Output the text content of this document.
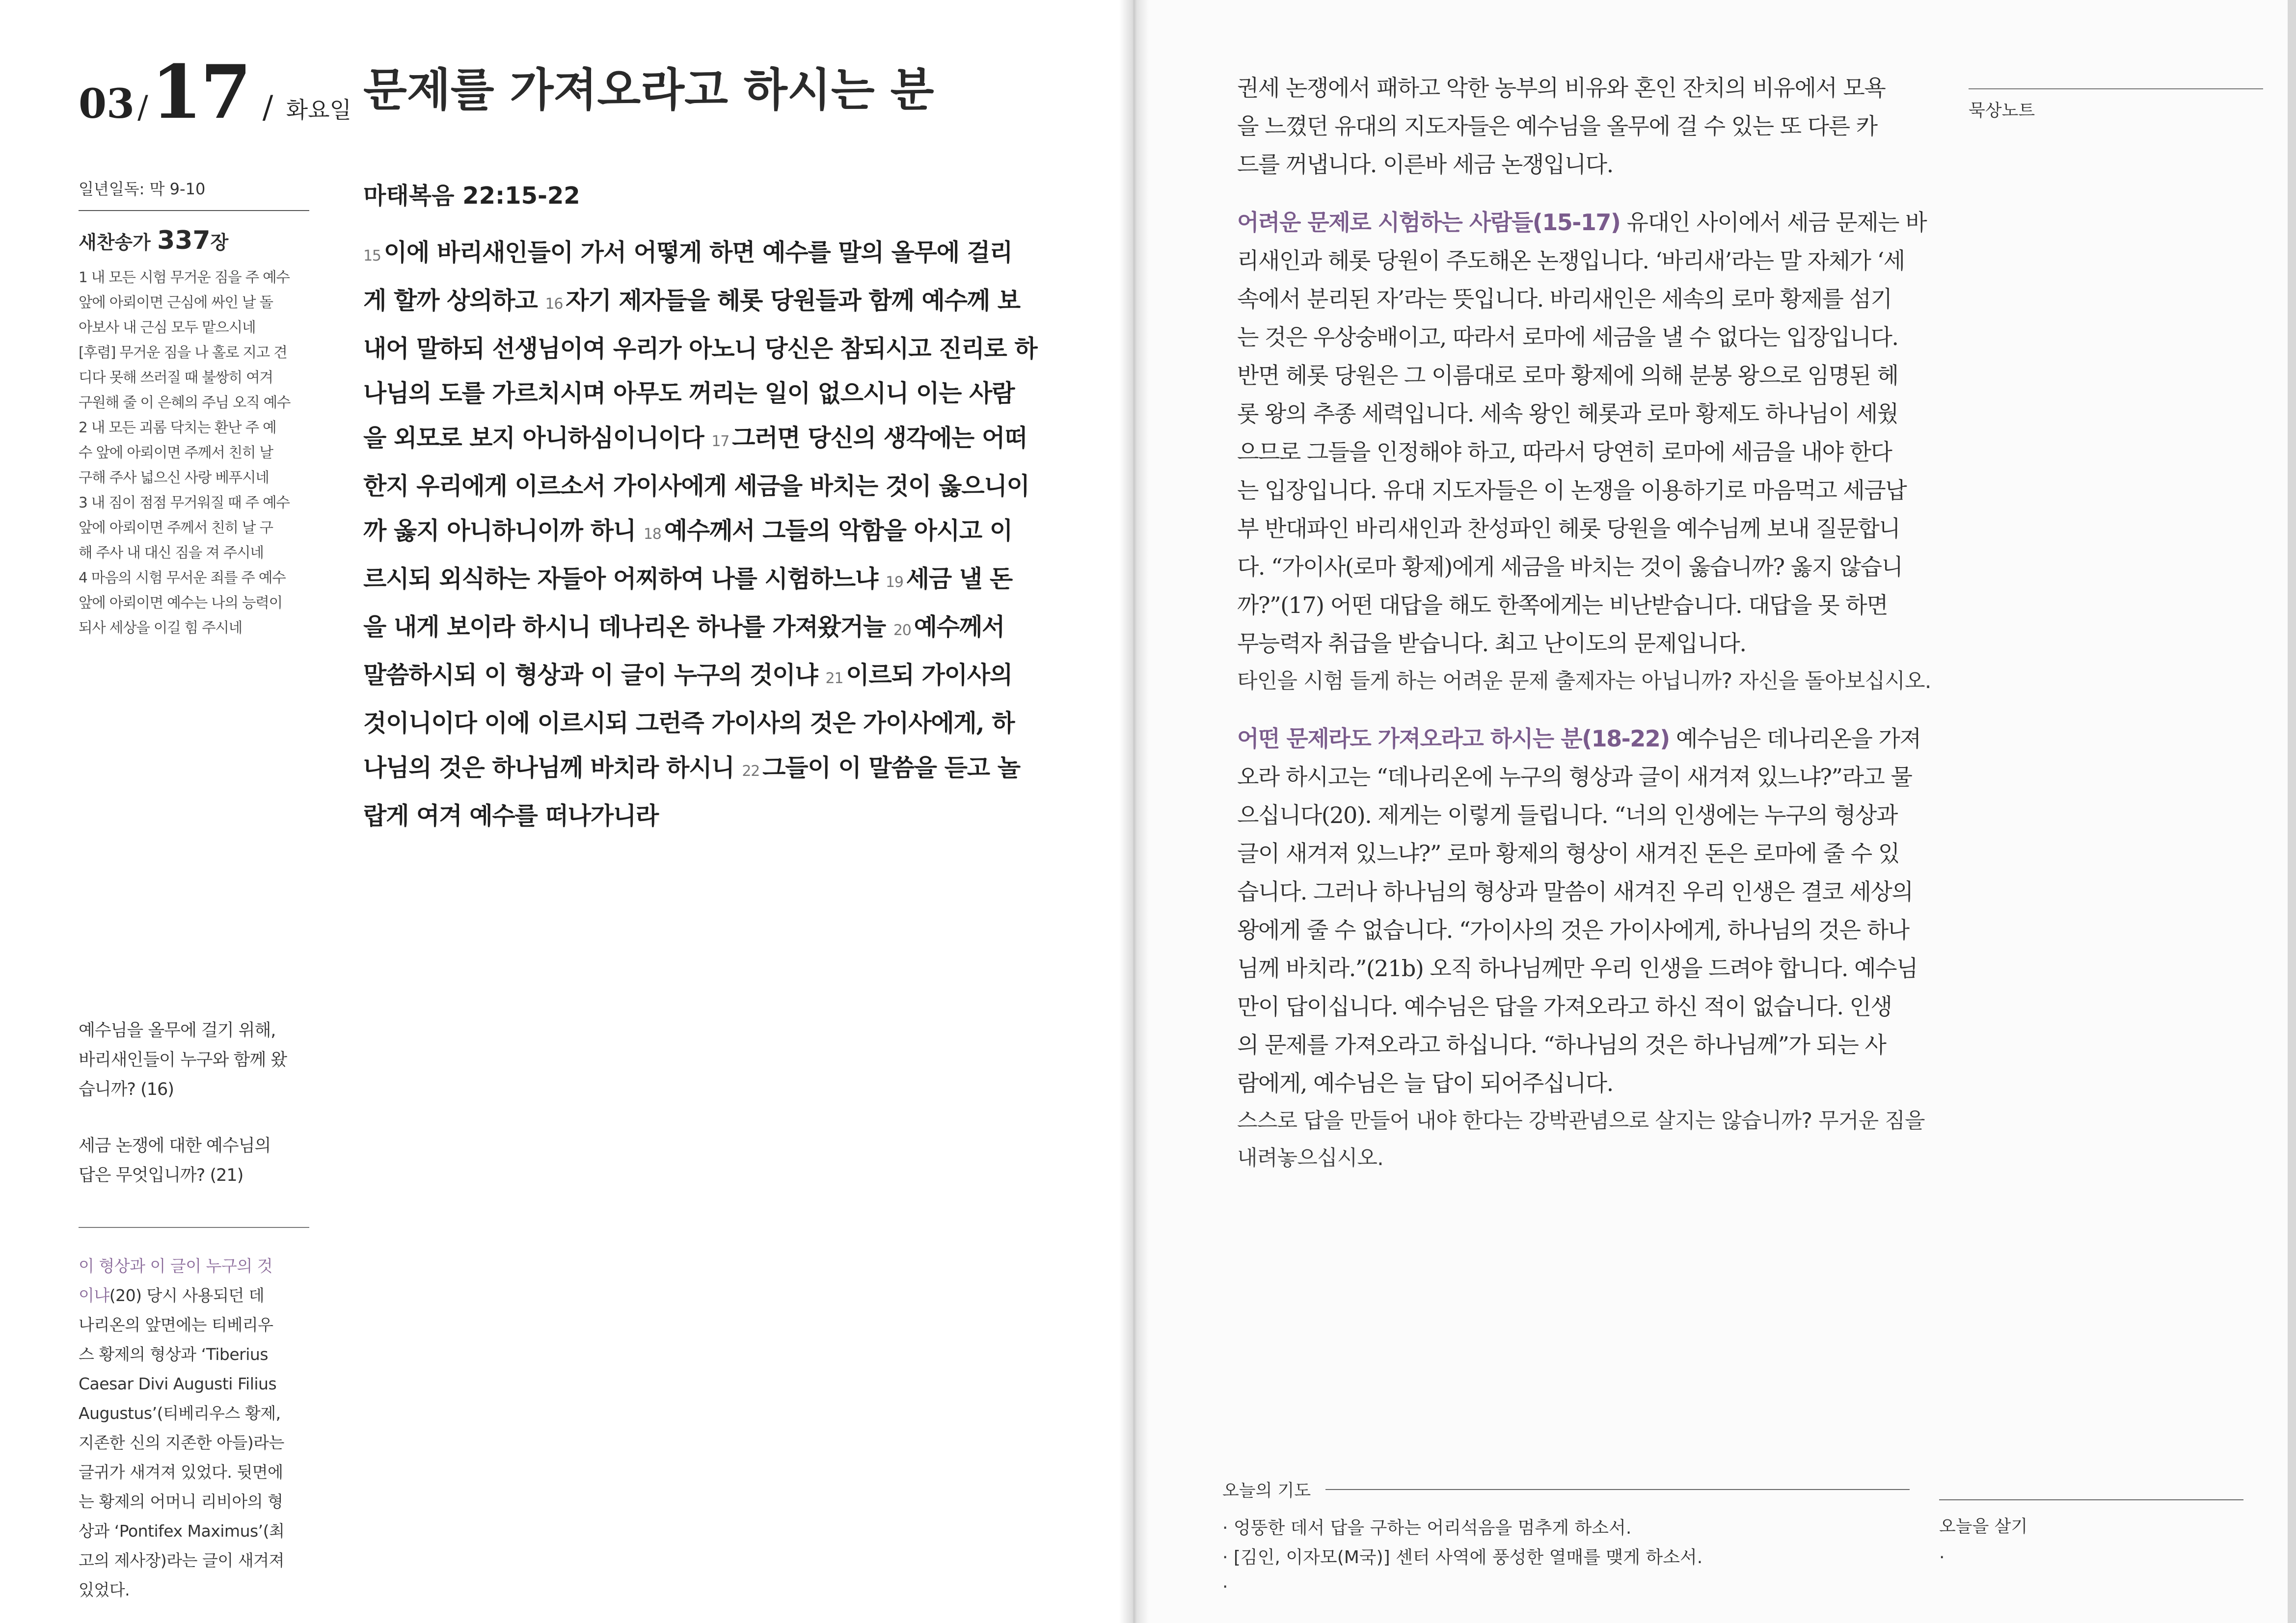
03/17 / 화요일 문제를 가져오라고 하시는 분
일년일독: 막 9-10
새찬송가 337장
1 내 모든 시험 무거운 짐을 주 예수
앞에 아뢰이면 근심에 싸인 날 돌
아보사 내 근심 모두 맡으시네
[후렴] 무거운 짐을 나 홀로 지고 견
디다 못해 쓰러질 때 불쌍히 여겨
구원해 줄 이 은혜의 주님 오직 예수
2 내 모든 괴롬 닥치는 환난 주 예
수 앞에 아뢰이면 주께서 친히 날
구해 주사 넓으신 사랑 베푸시네
3 내 짐이 점점 무거워질 때 주 예수
앞에 아뢰이면 주께서 친히 날 구
해 주사 내 대신 짐을 져 주시네
4 마음의 시험 무서운 죄를 주 예수
앞에 아뢰이면 예수는 나의 능력이
되사 세상을 이길 힘 주시네
예수님을 올무에 걸기 위해,
바리새인들이 누구와 함께 왔
습니까? (16)
세금 논쟁에 대한 예수님의
답은 무엇입니까? (21)
이 형상과 이 글이 누구의 것
이냐(20) 당시 사용되던 데
나리온의 앞면에는 티베리우
스 황제의 형상과 ‘Tiberius
Caesar Divi Augusti Filius
Augustus’(티베리우스 황제,
지존한 신의 지존한 아들)라는
글귀가 새겨져 있었다. 뒷면에
는 황제의 어머니 리비아의 형
상과 ‘Pontifex Maximus’(최
고의 제사장)라는 글이 새겨져
있었다.
마태복음 22:15-22
15 이에 바리새인들이 가서 어떻게 하면 예수를 말의 올무에 걸리
게 할까 상의하고 16 자기 제자들을 헤롯 당원들과 함께 예수께 보
내어 말하되 선생님이여 우리가 아노니 당신은 참되시고 진리로 하
나님의 도를 가르치시며 아무도 꺼리는 일이 없으시니 이는 사람
을 외모로 보지 아니하심이니이다 17 그러면 당신의 생각에는 어떠
한지 우리에게 이르소서 가이사에게 세금을 바치는 것이 옳으니이
까 옳지 아니하니이까 하니 18 예수께서 그들의 악함을 아시고 이
르시되 외식하는 자들아 어찌하여 나를 시험하느냐 19 세금 낼 돈
을 내게 보이라 하시니 데나리온 하나를 가져왔거늘 20 예수께서
말씀하시되 이 형상과 이 글이 누구의 것이냐 21 이르되 가이사의
것이니이다 이에 이르시되 그런즉 가이사의 것은 가이사에게, 하
나님의 것은 하나님께 바치라 하시니 22 그들이 이 말씀을 듣고 놀
랍게 여겨 예수를 떠나가니라
권세 논쟁에서 패하고 악한 농부의 비유와 혼인 잔치의 비유에서 모욕
을 느꼈던 유대의 지도자들은 예수님을 올무에 걸 수 있는 또 다른 카
드를 꺼냅니다. 이른바 세금 논쟁입니다.
어려운 문제로 시험하는 사람들(15-17) 유대인 사이에서 세금 문제는 바
리새인과 헤롯 당원이 주도해온 논쟁입니다. ‘바리새’라는 말 자체가 ‘세
속에서 분리된 자’라는 뜻입니다. 바리새인은 세속의 로마 황제를 섬기
는 것은 우상숭배이고, 따라서 로마에 세금을 낼 수 없다는 입장입니다.
반면 헤롯 당원은 그 이름대로 로마 황제에 의해 분봉 왕으로 임명된 헤
롯 왕의 추종 세력입니다. 세속 왕인 헤롯과 로마 황제도 하나님이 세웠
으므로 그들을 인정해야 하고, 따라서 당연히 로마에 세금을 내야 한다
는 입장입니다. 유대 지도자들은 이 논쟁을 이용하기로 마음먹고 세금납
부 반대파인 바리새인과 찬성파인 헤롯 당원을 예수님께 보내 질문합니
다. “가이사(로마 황제)에게 세금을 바치는 것이 옳습니까? 옳지 않습니
까?”(17) 어떤 대답을 해도 한쪽에게는 비난받습니다. 대답을 못 하면
무능력자 취급을 받습니다. 최고 난이도의 문제입니다.
타인을 시험 들게 하는 어려운 문제 출제자는 아닙니까? 자신을 돌아보십시오.
어떤 문제라도 가져오라고 하시는 분(18-22) 예수님은 데나리온을 가져
오라 하시고는 “데나리온에 누구의 형상과 글이 새겨져 있느냐?”라고 물
으십니다(20). 제게는 이렇게 들립니다. “너의 인생에는 누구의 형상과
글이 새겨져 있느냐?” 로마 황제의 형상이 새겨진 돈은 로마에 줄 수 있
습니다. 그러나 하나님의 형상과 말씀이 새겨진 우리 인생은 결코 세상의
왕에게 줄 수 없습니다. “가이사의 것은 가이사에게, 하나님의 것은 하나
님께 바치라.”(21b) 오직 하나님께만 우리 인생을 드려야 합니다. 예수님
만이 답이십니다. 예수님은 답을 가져오라고 하신 적이 없습니다. 인생
의 문제를 가져오라고 하십니다. “하나님의 것은 하나님께”가 되는 사
람에게, 예수님은 늘 답이 되어주십니다.
스스로 답을 만들어 내야 한다는 강박관념으로 살지는 않습니까? 무거운 짐을
내려놓으십시오.
묵상노트
오늘의 기도
· 엉뚱한 데서 답을 구하는 어리석음을 멈추게 하소서.
· [김인, 이자모(M국)] 센터 사역에 풍성한 열매를 맺게 하소서.
·
오늘을 살기
·
